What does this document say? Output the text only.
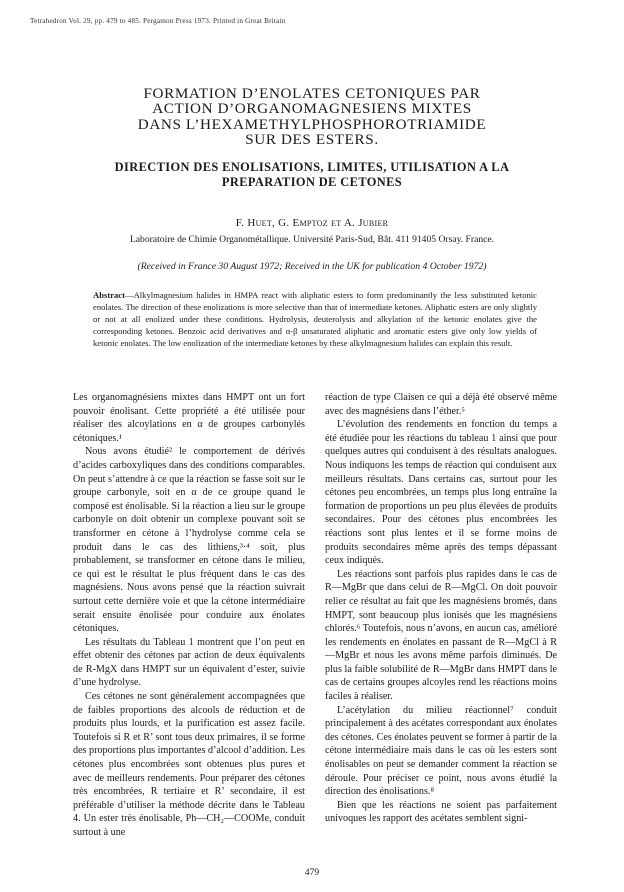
Tetrahedron Vol. 29, pp. 479 to 485. Pergamon Press 1973. Printed in Great Britain
FORMATION D’ENOLATES CETONIQUES PAR
ACTION D’ORGANOMAGNESIENS MIXTES
DANS L’HEXAMETHYLPHOSPHOROTRIAMIDE
SUR DES ESTERS.
DIRECTION DES ENOLISATIONS, LIMITES, UTILISATION A LA
PREPARATION DE CETONES
F. Huet, G. Emptoz et A. Jubier
Laboratoire de Chimie Organométallique. Université Paris-Sud, Bât. 411 91405 Orsay. France.
(Received in France 30 August 1972; Received in the UK for publication 4 October 1972)

Abstract—Alkylmagnesium halides in HMPA react with aliphatic esters to form predominantly the less substituted ketonic enolates. The direction of these enolizations is more selective than that of intermediate ketones. Aliphatic esters are only slightly or not at all enolized under these conditions. Hydrolysis, deuterolysis and alkylation of the ketonic enolates give the corresponding ketones. Benzoic acid derivatives and α-β unsaturated aliphatic and aromatic esters give only low yields of ketonic enolates. The low enolization of the intermediate ketones by these alkylmagnesium halides can explain this result.

Les organomagnésiens mixtes dans HMPT ont un fort pouvoir énolisant. Cette propriété a été utilisée pour réaliser des alcoylations en α de groupes carbonylés cétoniques.¹

Nous avons étudié² le comportement de dérivés d’acides carboxyliques dans des conditions comparables. On peut s’attendre à ce que la réaction se fasse soit sur le groupe carbonyle, soit en α de ce groupe quand le composé est énolisable. Si la réaction a lieu sur le groupe carbonyle on doit obtenir un complexe pouvant soit se transformer en cétone à l’hydrolyse comme cela se produit dans le cas des lithiens,³·⁴ soit, plus probablement, se transformer en cétone dans le milieu, ce qui est le résultat le plus fréquent dans le cas des magnésiens. Nous avons pensé que la réaction suivrait surtout cette dernière voie et que la cétone intermédiaire serait ensuite énolisée pour conduire aux énolates cétoniques.

Les résultats du Tableau 1 montrent que l’on peut en effet obtenir des cétones par action de deux équivalents de R-MgX dans HMPT sur un équivalent d’ester, suivie d’une hydrolyse.

Ces cétones ne sont généralement accompagnées que de faibles proportions des alcools de réduction et de produits plus lourds, et la purification est assez facile. Toutefois si R et R’ sont tous deux primaires, il se forme des proportions plus importantes d’alcool d’addition. Les cétones plus encombrées sont obtenues plus pures et avec de meilleurs rendements. Pour préparer des cétones très encombrées, R tertiaire et R’ secondaire, il est préférable d’utiliser la méthode décrite dans le Tableau 4. Un ester très énolisable, Ph—CH₂—COOMe, conduit surtout à une

réaction de type Claisen ce qui a déjà été observé même avec des magnésiens dans l’éther.⁵

L’évolution des rendements en fonction du temps a été étudiée pour les réactions du tableau 1 ainsi que pour quelques autres qui conduisent à des résultats analogues. Nous indiquons les temps de réaction qui conduisent aux meilleurs résultats. Dans certains cas, surtout pour les cétones peu encombrées, un temps plus long entraîne la formation de proportions un peu plus élevées de produits secondaires. Pour des cétones plus encombrées les réactions sont plus lentes et il se forme moins de produits secondaires même après des temps dépassant ceux indiqués.

Les réactions sont parfois plus rapides dans le cas de R—MgBr que dans celui de R—MgCl. On doit pouvoir relier ce résultat au fait que les magnésiens bromés, dans HMPT, sont beaucoup plus ionisés que les magnésiens chlorés.⁶ Toutefois, nous n’avons, en aucun cas, amélioré les rendements en énolates en passant de R—MgCl à R—MgBr et nous les avons même parfois diminués. De plus la faible solubilité de R—MgBr dans HMPT dans le cas de certains groupes alcoyles rend les réactions moins faciles à réaliser.

L’acétylation du milieu réactionnel⁷ conduit principalement à des acétates correspondant aux énolates des cétones. Ces énolates peuvent se former à partir de la cétone intermédiaire mais dans le cas où les esters sont énolisables on peut se demander comment la réaction se déroule. Pour préciser ce point, nous avons étudié la direction des énolisations.⁸

Bien que les réactions ne soient pas parfaitement univoques les rapport des acétates semblent signi-

479
